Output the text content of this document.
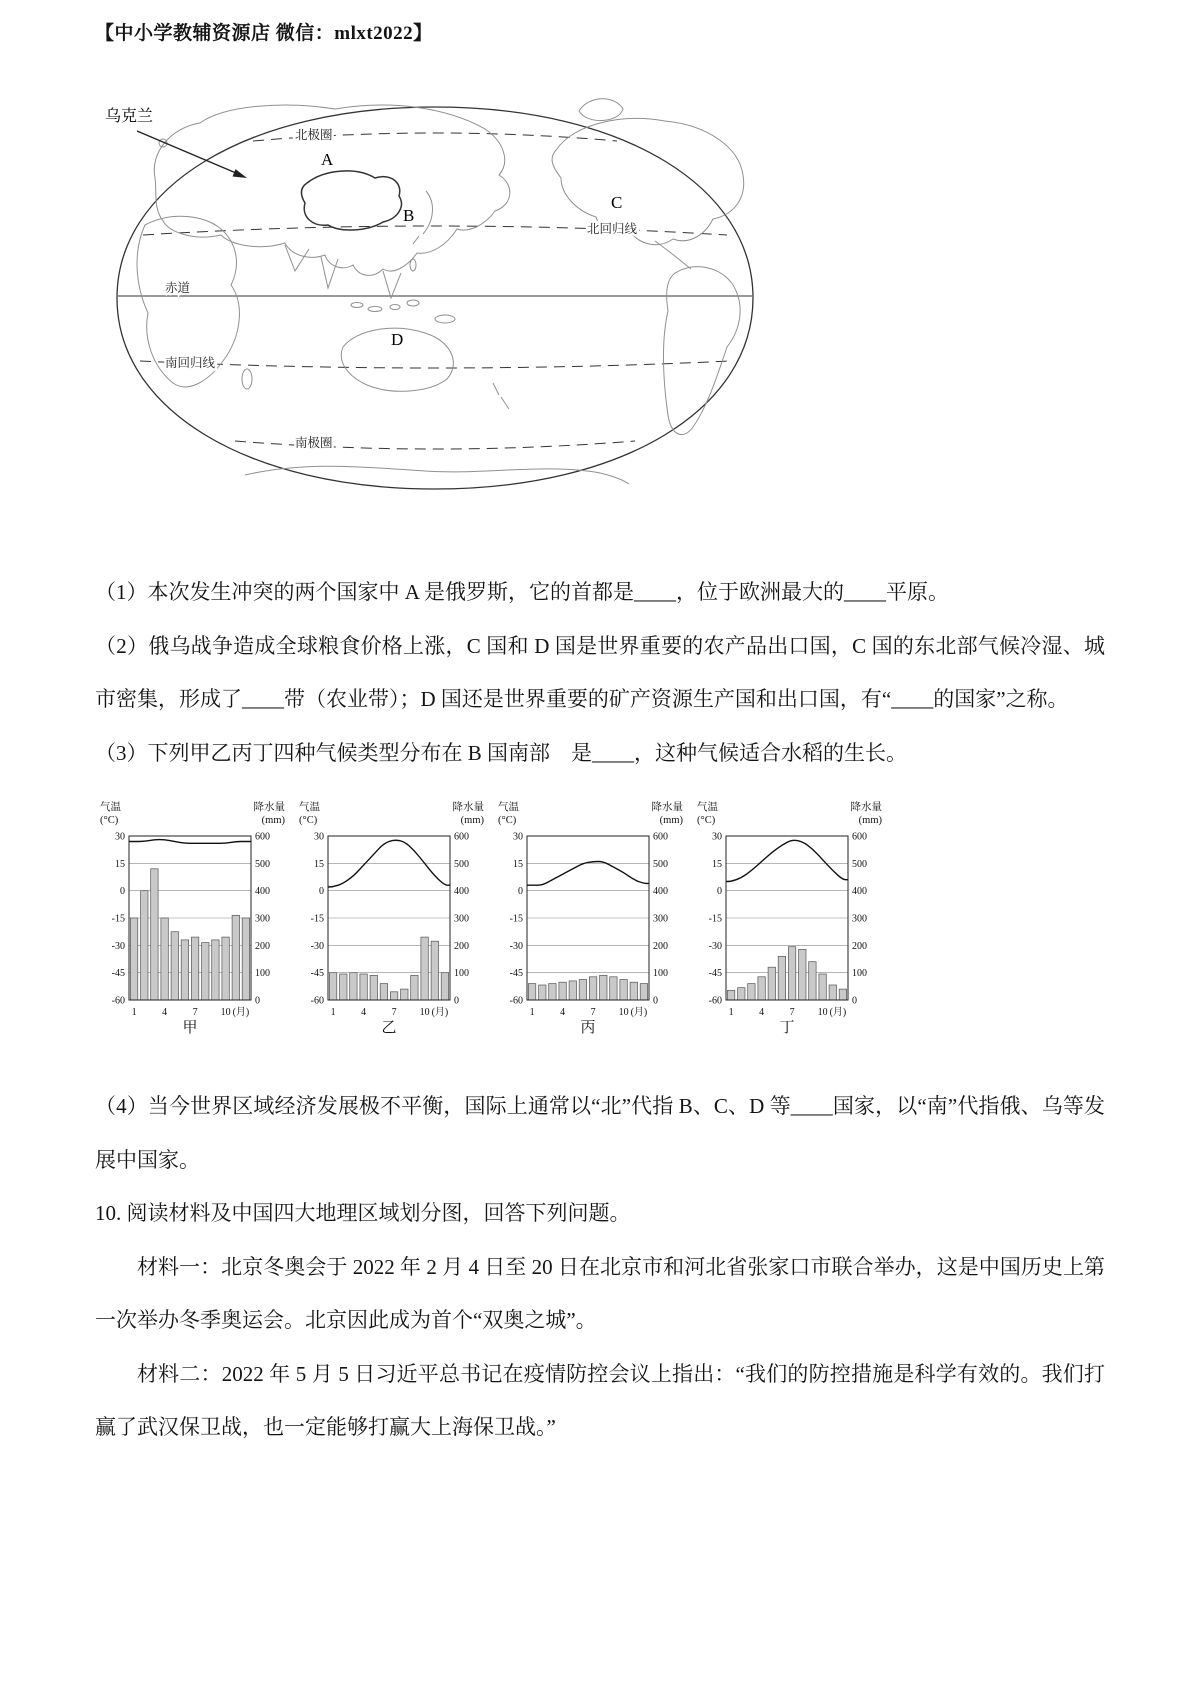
【中小学教辅资源店 微信：mlxt2022】
北极圈
北回归线
赤道
南回归线
南极圈
A
B
C
D
乌克兰

（1）本次发生冲突的两个国家中 A 是俄罗斯，它的首都是____，位于欧洲最大的____平原。

（2）俄乌战争造成全球粮食价格上涨，C 国和 D 国是世界重要的农产品出口国，C 国的东北部气候冷湿、城市密集，形成了____带（农业带）；D 国还是世界重要的矿产资源生产国和出口国，有“____的国家”之称。

（3）下列甲乙丙丁四种气候类型分布在 B 国南部　是____，这种气候适合水稻的生长。

气温
(°C)
降水量
(mm)
30
15
0
-15
-30
-45
-60
600
500
400
300
200
100
0
1	4	7 10 (月)
甲
气温
(°C)
降水量
(mm)
30
15
0
-15
-30
-45
-60
600
500
400
300
200
100
0
1	4	7 10 (月)
乙
气温
(°C)
降水量
(mm)
30
15
0
-15
-30
-45
-60
600
500
400
300
200
100
0
1	4	7 10 (月)
丙
气温
(°C)
降水量
(mm)
30
15
0
-15
-30
-45
-60
600
500
400
300
200
100
0
1	4	7 10 (月)
丁

（4）当今世界区域经济发展极不平衡，国际上通常以“北”代指 B、C、D 等____国家，以“南”代指俄、乌等发展中国家。

10. 阅读材料及中国四大地理区域划分图，回答下列问题。

材料一：北京冬奥会于 2022 年 2 月 4 日至 20 日在北京市和河北省张家口市联合举办，这是中国历史上第一次举办冬季奥运会。北京因此成为首个“双奥之城”。

材料二：2022 年 5 月 5 日习近平总书记在疫情防控会议上指出：“我们的防控措施是科学有效的。我们打赢了武汉保卫战，也一定能够打赢大上海保卫战。”
